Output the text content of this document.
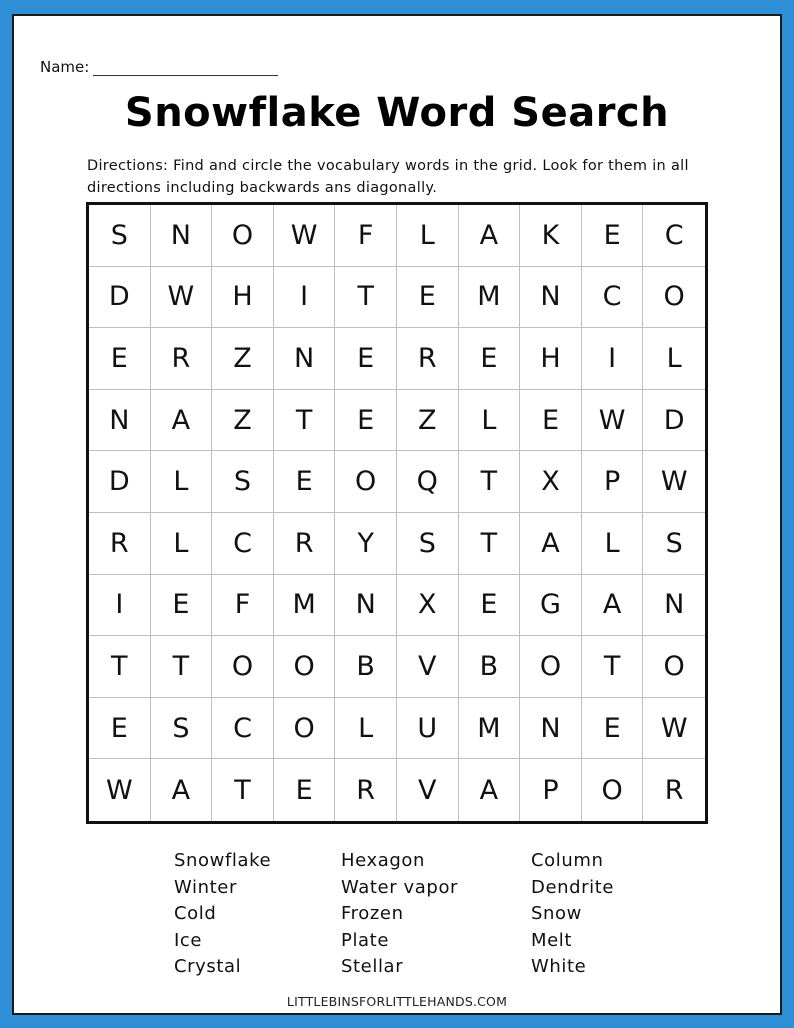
Name:
Snowflake Word Search
Directions: Find and circle the vocabulary words in the grid. Look for them in all directions including backwards ans diagonally.
S	N	O	W	F	L	A	K	E	C
D	W	H	I	T	E	M	N	C	O
E	R	Z	N	E	R	E	H	I	L
N	A	Z	T	E	Z	L	E	W	D
D	L	S	E	O	Q	T	X	P	W
R	L	C	R	Y	S	T	A	L	S
I	E	F	M	N	X	E	G	A	N
T	T	O	O	B	V	B	O	T	O
E	S	C	O	L	U	M	N	E	W
W	A	T	E	R	V	A	P	O	R
Snowflake
Winter
Cold
Ice
Crystal
Hexagon
Water vapor
Frozen
Plate
Stellar
Column
Dendrite
Snow
Melt
White
LITTLEBINSFORLITTLEHANDS.COM
